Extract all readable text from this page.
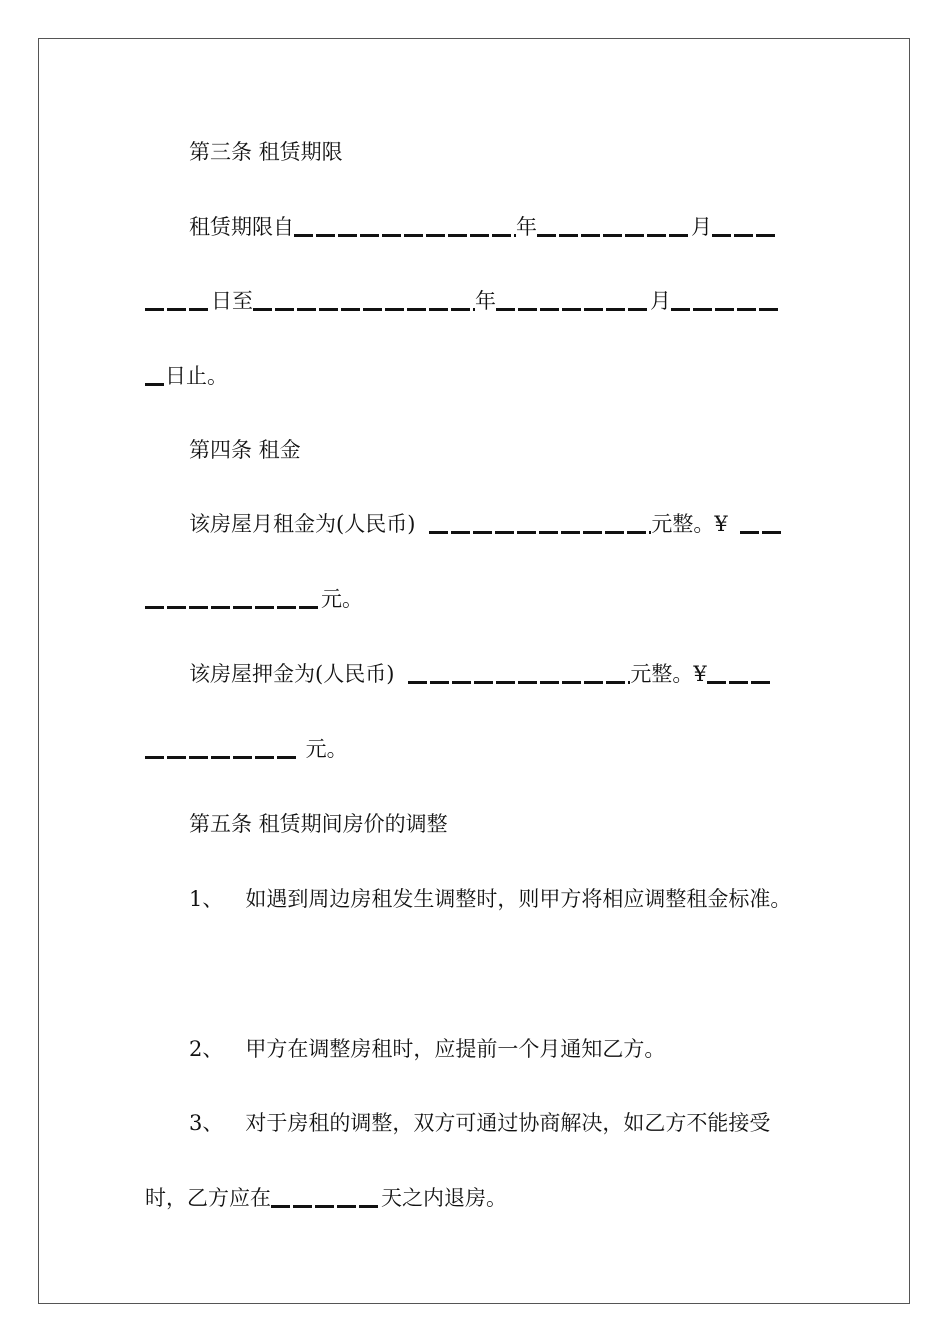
第三条 租赁期限
租赁期限自	年	月
日至	年	月
日止。
第四条 租金
该房屋月租金为(人民币)	元整。¥
元。
该房屋押金为(人民币)	元整。¥
元。
第五条 租赁期间房价的调整
1、 如遇到周边房租发生调整时，则甲方将相应调整租金标准。
2、 甲方在调整房租时，应提前一个月通知乙方。
3、 对于房租的调整，双方可通过协商解决，如乙方不能接受
时，乙方应在	天之内退房。
